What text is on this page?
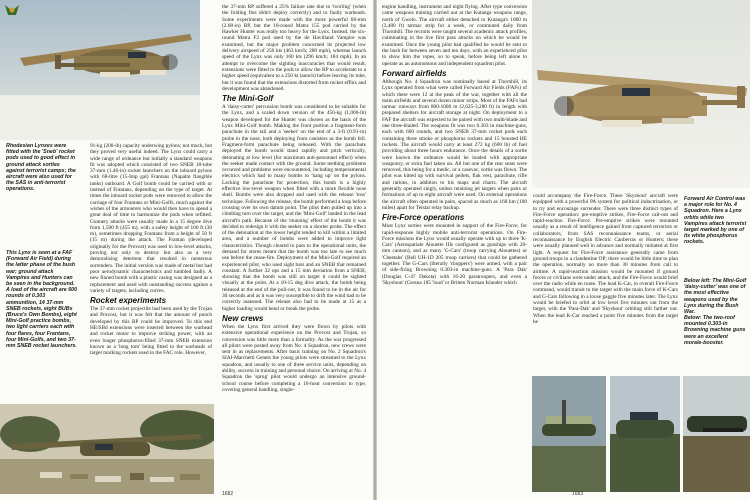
Rhodesian Lynxes were fitted with the 'Sneb' rocket pods used to good effect in ground attack sorties against terrorist camps; the aircraft were also used for the SAS in anti-terrorist operations.
This Lynx is seen at a FAF (Forward Air Field) during the latter phase of the bush war; ground attack Vampires and Hunters can be seen in the background. A load of the aircraft are 600 rounds of 0.303 ammunition, 14 37-mm SNEB rockets, eight BUBs (Bruce's Own Bombs), eight Mini-Golf practice bombs, two light carriers each with four flares, four Frantans, four Mini-Golfs, and two 37-mm SNEB rocket launchers.

91-kg (200-lb) capacity underwing pylons; not much, but they proved very useful indeed. The Lynx could carry a wide range of ordnance but initially a standard weapons fit was adopted which consisted of two SNEB 18-tube 37-mm (1.46-in) rocket launchers on the inboard pylons with 68-litre (15-Imp gal) Frantans (Napalm flangible tanks) outboard. A Golf bomb could be carried with or instead of Frantans, depending on the type of target. At times the inboard rocket pods were removed to allow the carriage of four Frantans or Mini-Golfs, much against the wishes of the armourers who would then have to spend a great deal of time to harmonize the pods when refitted. Gunnery attacks were usually made in a 15 degree dive from 1,500 ft (455 m), with a safety height of 100 ft (30 m), sometimes dropping Frantans from a height of 50 ft (15 m) during the attack. The Frantan (developed originally for the Provost) was used in low-level attacks, proving not only to destroy but also as a very demoralising deterrent that resulted in numerous surrenders. The initial version was made of metal but had poor aerodynamic characteristics and tumbled badly. A new finned bomb with a plastic casing was designed as a replacement and used with outstanding success against a variety of targets, including curves.

Rocket experiments

The 37-mm rocket projectile had been used by the Trojan and Provost, but it was felt that the amount of punch developed by this RP could be improved. To this end HE/SBd extensions were inserted between the warhead and rocket motor to improve striking power, with an even longer phosphorus-filled 37-mm SNEB extension known as a 'long tom' being fitted to the warheads of target marking rockets used in the FAC role. However,

the 37-mm RP suffered a 25% failure rate due to 'twirling' (when the folding fins didn't deploy correctly) and to faulty warheads. Some experiments were made with the more powerful 68-mm (2.68-in) RP, but the 18-round Matra 155 pod carried by the Hawker Hunter was really too heavy for the Lynx. Instead, the six-round Matra F2 pod used by the de Havilland Vampire was examined, but the major problem concerned its projected low delivery airspeed of 250 kts (463 km/h; 288 mph), whereas launch speed of the Lynx was only 160 kts (296 km/h; 184 mph). In an attempt to overcome the sighting inaccuracies that would result, extensions were fitted to the pods to allow the RP to accelerate to a higher speed (equivalent to a 250 kt launch) before leaving its tube, but it was found that the extensions distorted from rocket efflux and development was abandoned.

The Mini-Golf

A 'daisy-cutter' percussion bomb was considered to be suitable for the Lynx, and a scaled down version of the 450-kg (1,000-lb) weapon developed for the Hunter was chosen as the basis of the Lynx Mini-Golf bomb. Making the front portion a fragment-form parachute in the tail and a 'seeker' on the end of a 3-ft (0.91-m) probe in the nose, both deploying from canisters as the bomb fell. Fragment-form parachute being released. With the parachute deployed the bomb would stand rapidly and pitch vertically, detonating at low level (for maximum anti-personnel effect) when the seeker made contact with the ground. Some teething problems occurred and problems were encountered, including temperamental electrics which had to many bombs to 'hang up' on the pylons. Lacking the parachute for protection, this bomb is a highly effective low-level weapon when fitted with a more flexible nose shell. Bombs were also dropped and used with the release 'toss' technique. Following the release, the bomb performed a loop before crossing over its own datum point. The pilot then pulled up into a climbing turn over the target, and the 'Mini-Golf' landed in the lead aircraft's path. Because of the 'stunning' effect of the bomb it was decided to redesign it with the seeker on a shorter probe. The effect of the detonation at the lower height tended to kill within a limited area, and a number of bombs were added to improve light characteristics. Though cleared to pass to the operational units, the demand for stores meant that the bomb was too late to see much use before the cease-fire. Deployment of the Mini-Golf required an experienced pilot, who used sight bars and an SNEB that remained constant. A further 32 ops and a 15 mm deviation from a SNEB, showing that the bomb was still on target it could be sighted visually at the point. At a 10-15 deg dive attack, the bomb being released at the end of the pull-out, it was found to be in the air for 30 seconds and as it was very susceptible to drift the wind had to be correctly assessed. The release also had to be made at 15 as a higher loading would bend or break the probe.

New crews

When the Lynx first arrived they were flown by pilots with extensive operational experience on the Provost and Trojan, so conversion was little more than a formality. As the war progressed all pilots were posted away from No. 4 Squadron, new crews were sent in as replacements. After basic training on No. 2 Squadron's SIAI-Marchetti Genets the young pilots were streamed to the Lynx squadron, and usually to one of three service units, depending on ability, success in training and personal choice. On arriving at No. 4 Squadron the 'sprog' pilot would undergo an intensive ground-school course before completing a 16-hour conversion to type, covering general handling, single-

1682

engine handling, instrument and night flying. After type conversion came weapons training carried out at the Kutanga weapons range, north of Gwelo. The aircraft either detached to Kutanga's 1060 m (3,480 ft) tarmac strip for a week, or commuted daily from Thornhill. The recruits were taught several academic attack profiles, culminating in the live first pass attacks on which he would be examined. Once the young pilot had qualified he would be sent to the bush for between seven and ten days, with an experienced pilot to show him the ropes, so to speak, before being left alone to operate as an autonomous and independent squadron pilot.

Forward airfields

Although No. 4 Squadron was nominally based at Thornhill, its Lynx operated from what were called Forward Air Fields (FAFs) of which there were 12 at the peak of the war, together with all the main airfields and several dozen minor strips. Most of the FAFs had tarmac runways from 800-1000 m (2,625-3,280 ft) in length with prepared shelters for aircraft storage at night. On deployment to a FAF the aircraft was expected to be paired with two multi-blade and one three-bladed. The weapons fit was two 0.303 in machine-guns, each with 600 rounds, and two SNEB 37-mm rocket pods each containing three smoke or phosphorus rockets and 15 boosted HE rockets. The aircraft would carry at least 272 kg (600 lb) of fuel providing about three hours endurance. Once the details of a sortie were known the ordnance would be loaded with appropriate weaponry, or extra fuel taken on. All but one of the rear seats were removed, this being for a medic, or a casevac, sortie was flown. The pilot was kitted up with survival pellets, flak vest, parachute, rifle and rations, in addition to his maps and charts. The aircraft generally operated singly, unless retaining jet targets when pairs or formations of up to eight aircraft were used. On external operations the aircraft often operated in pairs, spaced as much as 160 km (100 miles) apart for Telstar relay backup.

Fire-Force operations

Most Lynx sorties were mounted in support of the Fire-Force, for rapid-response highly mobile anti-terrorist operations. On Fire-Force missions the Lynx would usually operate with up to three 'K-Cars' (Aerospatiale Alouette IIIs configured as gunships with 20-mm cannon), and as many 'G-Cars' (troop carrying Alouettes) or 'Cheetahs' (Bell UH-1D 205 troop carriers) that could be gathered together. The G-Cars (literally 'choppers') were armed, with a pair of side-firing Browning 0.303-in machine-guns. A 'Para Dak' (Douglas C-47 Dakota) with 16-20 paratroopers, and even a 'Skyshout' (Cessna 185 'loud' or Britten Norman Islander which

could accompany the Fire-Force. These 'Skyshout' aircraft were equipped with a powerful PA system for political indoctrination, or to try and encourage surrender. There were three distinct types of Fire-Force operation: pre-emptive strikes, Fire-Force call-out and rapid-reaction Fire-Force. Pre-emptive strikes were mounted usually as a result of intelligence gained from captured terrorists or collaborators, from SAS reconnaissance teams, or aerial reconnaissance by English Electric Canberras or Hunters; these were usually planned well in advance and normally initiated at first light. A request for Fire-Force assistance generally came from ground troops in a clandestine OP; there would be little time to plan the operation, normally no more than 30 minutes from call to airtime. A rapid-reaction mission would be mounted if ground forces or civilians were under attack, and the Fire-Force would brief over the radio while en route. The lead K-Car, in overall Fire-Force command, would transit to the target with the main force of K-Cars and G-Cars following in a loose gaggle five minutes later. The Lynx would be briefed to orbit at low level five minutes out from the target, with the 'Para-Dak' and 'Skyshout' orbiting still farther out. When the lead K-Car reached a point five minutes from the target he

Forward Air Control was a major role for No. 4 Squadron. Here a Lynx orbits while two Vampires attack terrorist target marked by one of its white phosphorus rockets.
Below left: The Mini-Golf 'daisy-cutter' was one of the most effective weapons used by the Lynx during the Bush War.
Below: The two-roof mounted 0.303-in Browning machine guns were an excellent morale-booster.
1683
